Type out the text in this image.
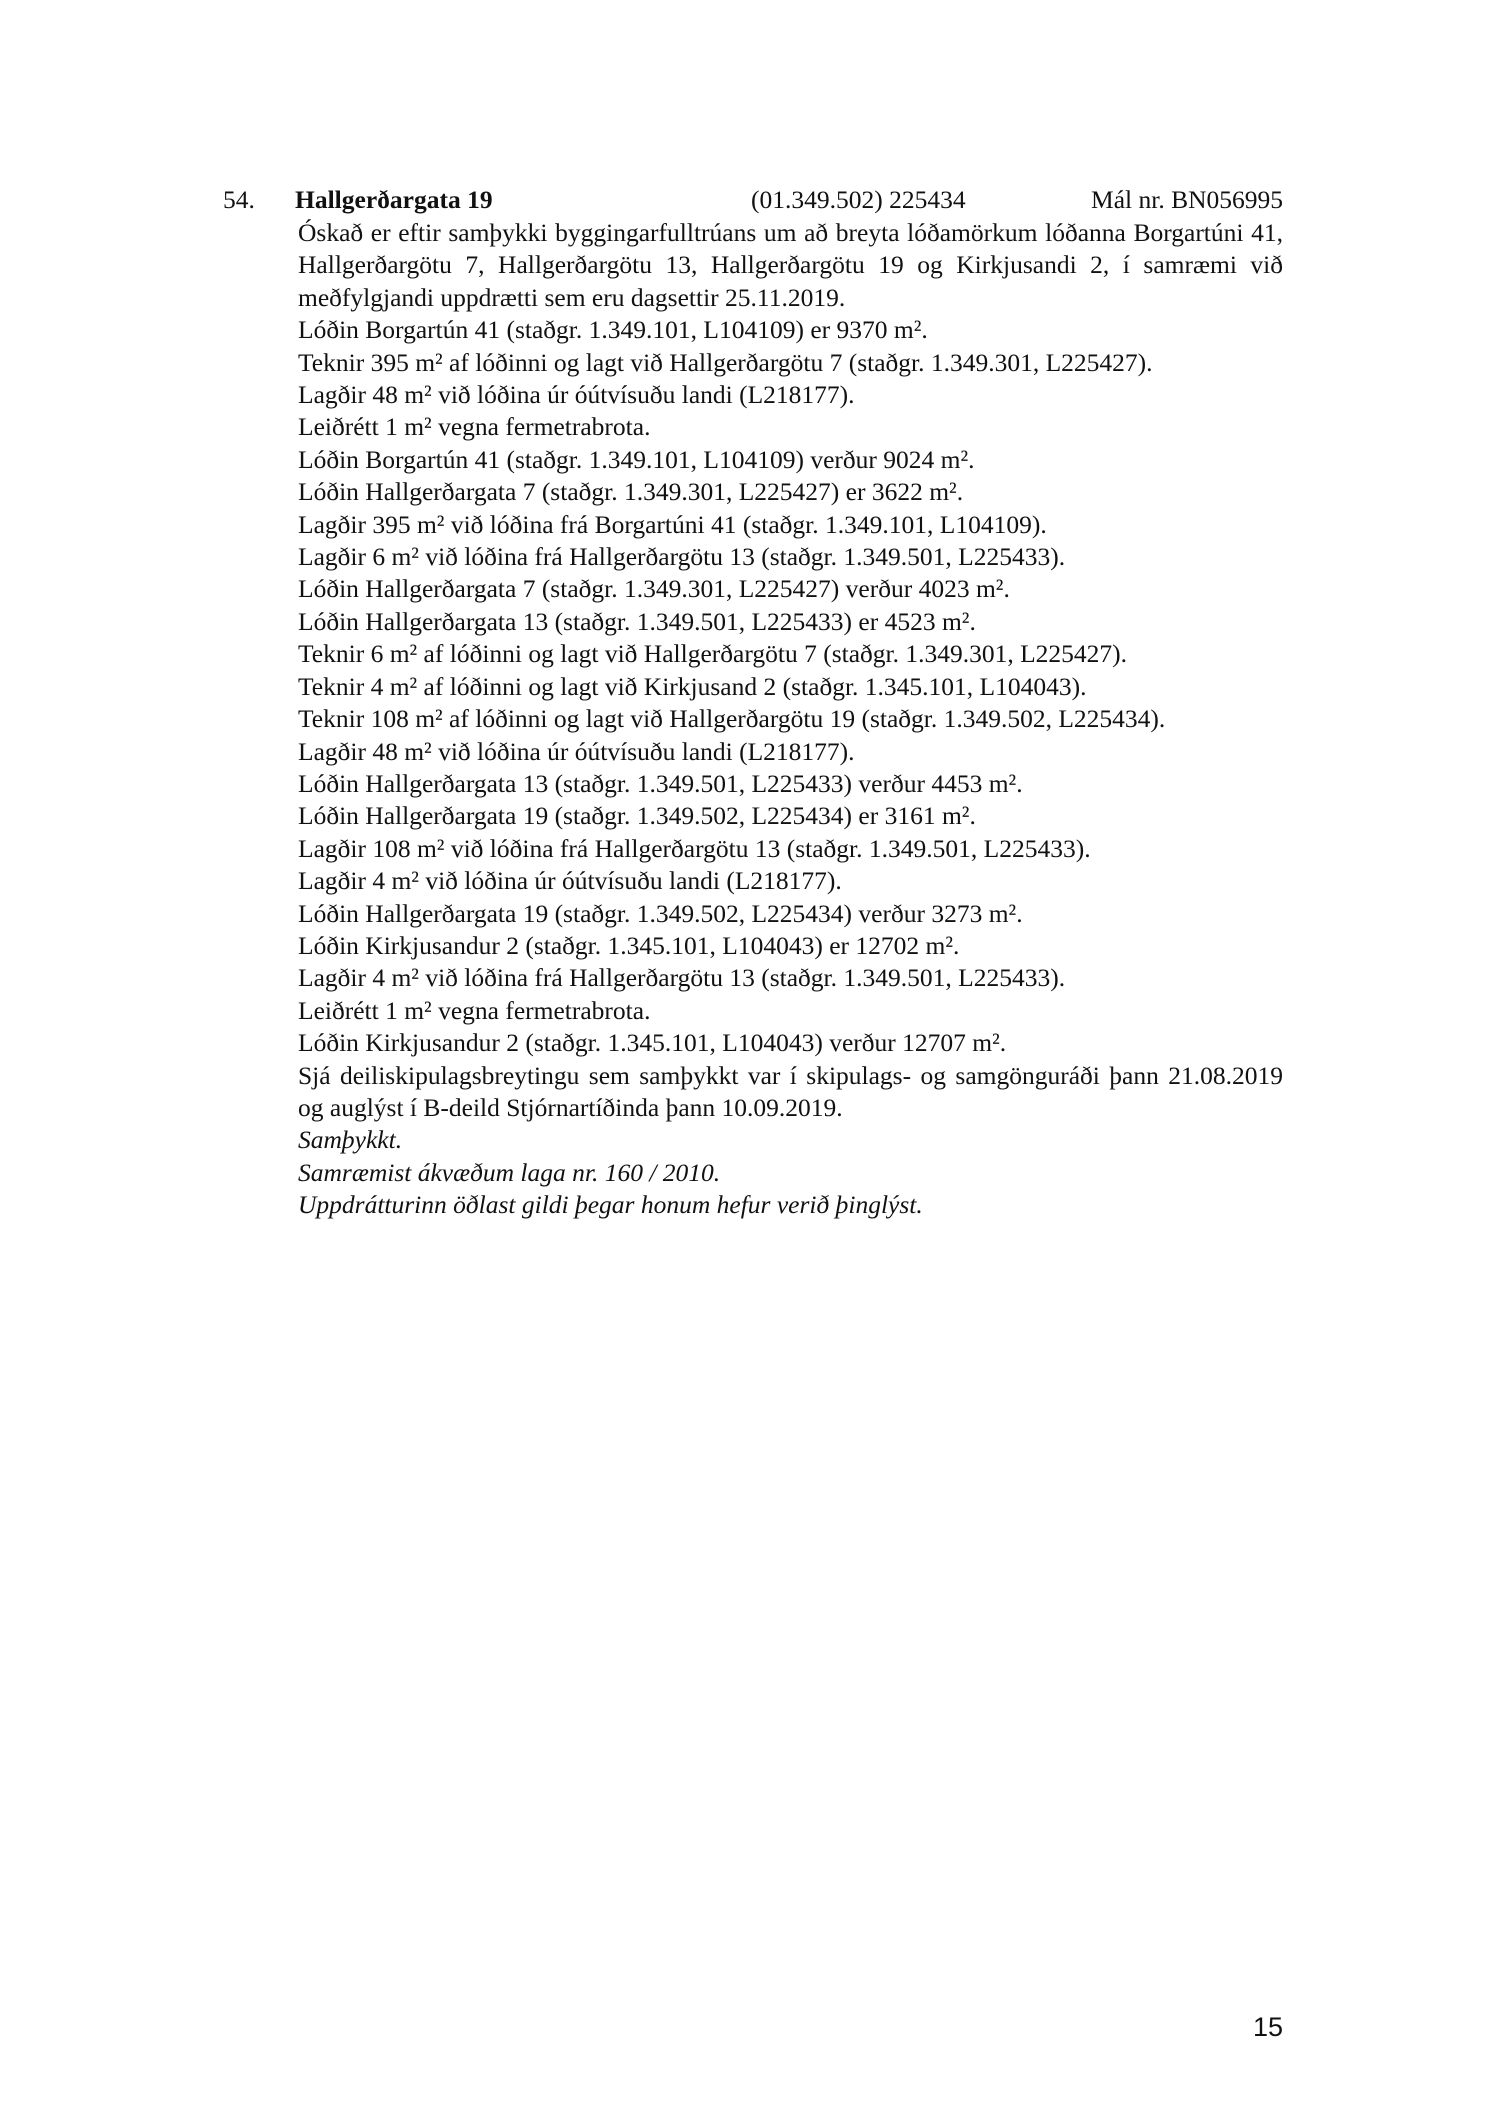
54. Hallgerðargata 19	(01.349.502) 225434	Mál nr. BN056995

Óskað er eftir samþykki byggingarfulltrúans um að breyta lóðamörkum lóðanna Borgartúni 41, Hallgerðargötu 7, Hallgerðargötu 13, Hallgerðargötu 19 og Kirkjusandi 2, í samræmi við meðfylgjandi uppdrætti sem eru dagsettir 25.11.2019.

Lóðin Borgartún 41 (staðgr. 1.349.101, L104109) er 9370 m².

Teknir 395 m² af lóðinni og lagt við Hallgerðargötu 7 (staðgr. 1.349.301, L225427).

Lagðir 48 m² við lóðina úr óútvísuðu landi (L218177).

Leiðrétt 1 m² vegna fermetrabrota.

Lóðin Borgartún 41 (staðgr. 1.349.101, L104109) verður 9024 m².

Lóðin Hallgerðargata 7 (staðgr. 1.349.301, L225427) er 3622 m².

Lagðir 395 m² við lóðina frá Borgartúni 41 (staðgr. 1.349.101, L104109).

Lagðir 6 m² við lóðina frá Hallgerðargötu 13 (staðgr. 1.349.501, L225433).

Lóðin Hallgerðargata 7 (staðgr. 1.349.301, L225427) verður 4023 m².

Lóðin Hallgerðargata 13 (staðgr. 1.349.501, L225433) er 4523 m².

Teknir 6 m² af lóðinni og lagt við Hallgerðargötu 7 (staðgr. 1.349.301, L225427).

Teknir 4 m² af lóðinni og lagt við Kirkjusand 2 (staðgr. 1.345.101, L104043).

Teknir 108 m² af lóðinni og lagt við Hallgerðargötu 19 (staðgr. 1.349.502, L225434).

Lagðir 48 m² við lóðina úr óútvísuðu landi (L218177).

Lóðin Hallgerðargata 13 (staðgr. 1.349.501, L225433) verður 4453 m².

Lóðin Hallgerðargata 19 (staðgr. 1.349.502, L225434) er 3161 m².

Lagðir 108 m² við lóðina frá Hallgerðargötu 13 (staðgr. 1.349.501, L225433).

Lagðir 4 m² við lóðina úr óútvísuðu landi (L218177).

Lóðin Hallgerðargata 19 (staðgr. 1.349.502, L225434) verður 3273 m².

Lóðin Kirkjusandur 2 (staðgr. 1.345.101, L104043) er 12702 m².

Lagðir 4 m² við lóðina frá Hallgerðargötu 13 (staðgr. 1.349.501, L225433).

Leiðrétt 1 m² vegna fermetrabrota.

Lóðin Kirkjusandur 2 (staðgr. 1.345.101, L104043) verður 12707 m².

Sjá deiliskipulagsbreytingu sem samþykkt var í skipulags- og samgönguráði þann 21.08.2019 og auglýst í B-deild Stjórnartíðinda þann 10.09.2019.

Samþykkt.

Samræmist ákvæðum laga nr. 160 / 2010.

Uppdrátturinn öðlast gildi þegar honum hefur verið þinglýst.

15
